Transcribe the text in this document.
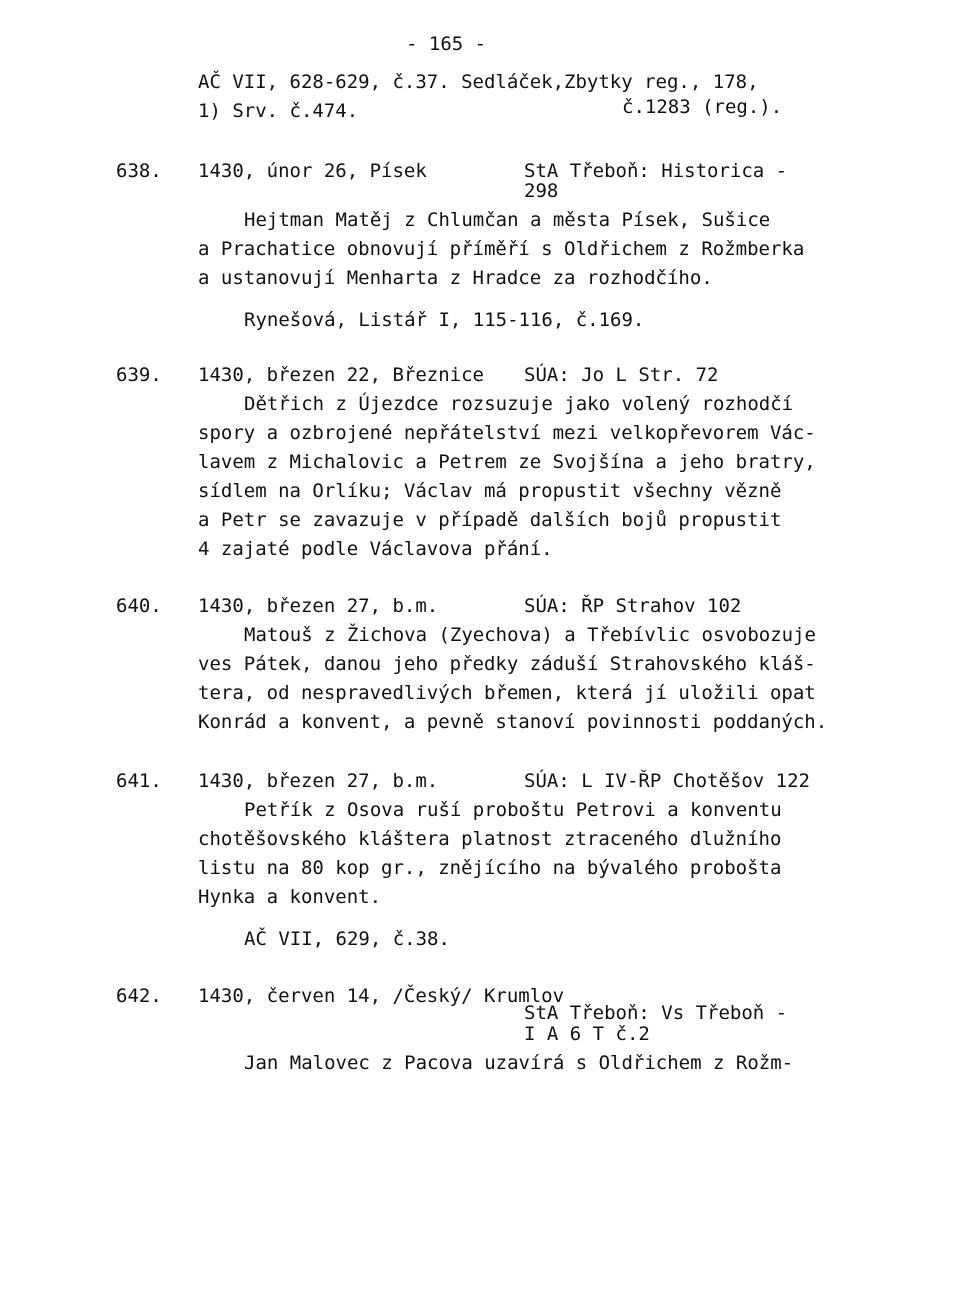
- 165 -
AČ VII, 628-629, č.37. Sedláček,Zbytky reg., 178,
1) Srv. č.474.	č.1283 (reg.).
638. 1430, únor 26, Písek	StA Třeboň: Historica -
298
Hejtman Matěj z Chlumčan a města Písek, Sušice
a Prachatice obnovují příměří s Oldřichem z Rožmberka
a ustanovují Menharta z Hradce za rozhodčího.
Rynešová, Listář I, 115-116, č.169.
639. 1430, březen 22, Březnice SÚA: Jo L Str. 72
Dětřich z Újezdce rozsuzuje jako volený rozhodčí
spory a ozbrojené nepřátelství mezi velkopřevorem Vác-
lavem z Michalovic a Petrem ze Svojšína a jeho bratry,
sídlem na Orlíku; Václav má propustit všechny vězně
a Petr se zavazuje v případě dalších bojů propustit
4 zajaté podle Václavova přání.
640. 1430, březen 27, b.m.	SÚA: ŘP Strahov 102
Matouš z Žichova (Zyechova) a Třebívlic osvobozuje
ves Pátek, danou jeho předky záduší Strahovského kláš-
tera, od nespravedlivých břemen, která jí uložili opat
Konrád a konvent, a pevně stanoví povinnosti poddaných.
641. 1430, březen 27, b.m.	SÚA: L IV-ŘP Chotěšov 122
Petřík z Osova ruší proboštu Petrovi a konventu
chotěšovského kláštera platnost ztraceného dlužního
listu na 80 kop gr., znějícího na bývalého probošta
Hynka a konvent.
AČ VII, 629, č.38.
642. 1430, červen 14, /Český/ Krumlov
StA Třeboň: Vs Třeboň -
I A 6 T č.2
Jan Malovec z Pacova uzavírá s Oldřichem z Rožm-
